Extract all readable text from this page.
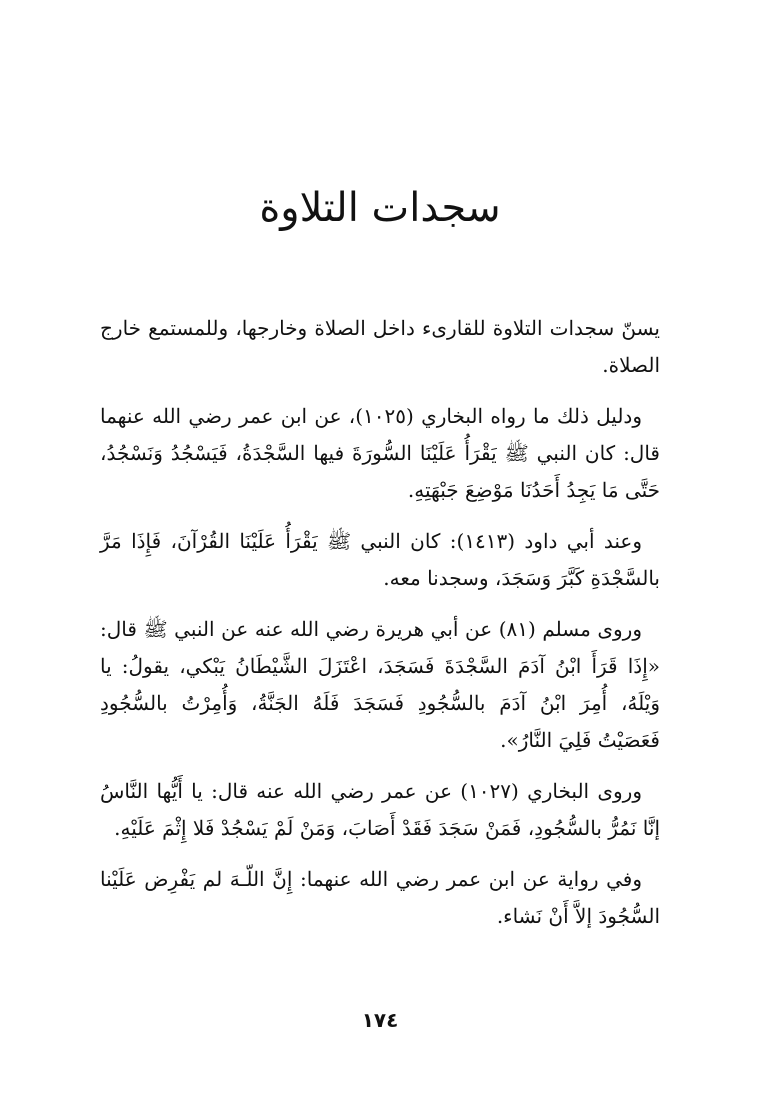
سجدات التلاوة

يسنّ سجدات التلاوة للقارىء داخل الصلاة وخارجها، وللمستمع خارج الصلاة.

ودليل ذلك ما رواه البخاري (١٠٢٥)، عن ابن عمر رضي الله عنهما قال: كان النبي ﷺ يَقْرَأُ عَلَيْنَا السُّورَةَ فيها السَّجْدَةُ، فَيَسْجُدُ وَنَسْجُدُ، حَتَّى مَا يَجِدُ أَحَدُنَا مَوْضِعَ جَبْهَتِهِ.

وعند أبي داود (١٤١٣): كان النبي ﷺ يَقْرَأُ عَلَيْنَا القُرْآنَ، فَإِذَا مَرَّ بالسَّجْدَةِ كَبَّرَ وَسَجَدَ، وسجدنا معه.

وروى مسلم (٨١) عن أبي هريرة رضي الله عنه عن النبي ﷺ قال: «إِذَا قَرَأَ ابْنُ آدَمَ السَّجْدَةَ فَسَجَدَ، اعْتَزَلَ الشَّيْطَانُ يَبْكي، يقولُ: يا وَيْلَهُ، أُمِرَ ابْنُ آدَمَ بالسُّجُودِ فَسَجَدَ فَلَهُ الجَنَّةُ، وَأُمِرْتُ بالسُّجُودِ فَعَصَيْتُ فَلِيَ النَّارُ».

وروى البخاري (١٠٢٧) عن عمر رضي الله عنه قال: يا أَيُّها النَّاسُ إنَّا نَمُرُّ بالسُّجُودِ، فَمَنْ سَجَدَ فَقَدْ أَصَابَ، وَمَنْ لَمْ يَسْجُدْ فَلا إِثْمَ عَلَيْهِ.

وفي رواية عن ابن عمر رضي الله عنهما: إِنَّ اللّـهَ لم يَفْرِض عَلَيْنا السُّجُودَ إلاَّ أَنْ نَشاء.

١٧٤
